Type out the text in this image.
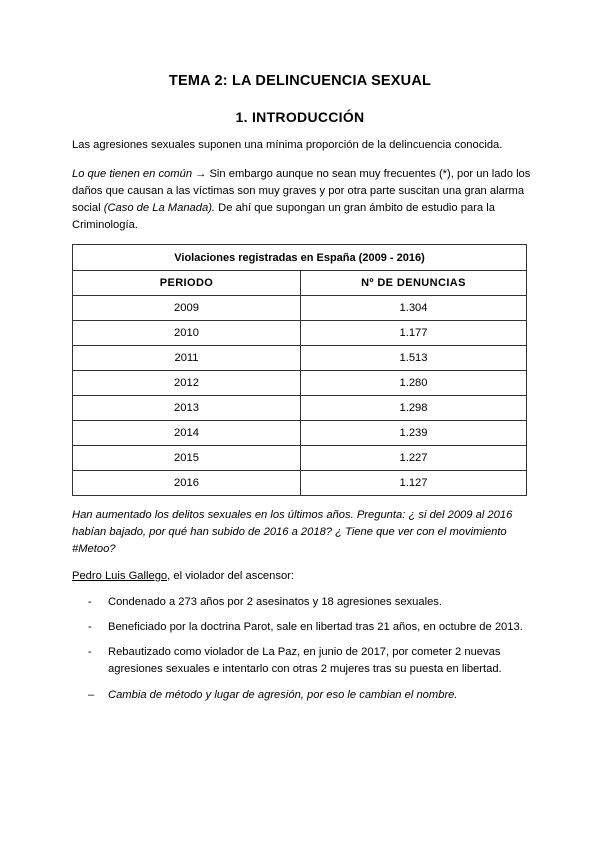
TEMA 2: LA DELINCUENCIA SEXUAL
1. INTRODUCCIÓN
Las agresiones sexuales suponen una mínima proporción de la delincuencia conocida.
Lo que tienen en común → Sin embargo aunque no sean muy frecuentes (*), por un lado los daños que causan a las víctimas son muy graves y por otra parte suscitan una gran alarma social (Caso de La Manada). De ahí que supongan un gran ámbito de estudio para la Criminología.
Violaciones registradas en España (2009 - 2016)	
PERIODO	Nº DE DENUNCIAS
2009	1.304
2010	1.177
2011	1.513
2012	1.280
2013	1.298
2014	1.239
2015	1.227
2016	1.127
Han aumentado los delitos sexuales en los últimos años. Pregunta: ¿ si del 2009 al 2016 habían bajado, por qué han subido de 2016 a 2018? ¿ Tiene que ver con el movimiento #Metoo?
Pedro Luis Gallego, el violador del ascensor:
- Condenado a 273 años por 2 asesinatos y 18 agresiones sexuales.
- Beneficiado por la doctrina Parot, sale en libertad tras 21 años, en octubre de 2013.
- Rebautizado como violador de La Paz, en junio de 2017, por cometer 2 nuevas agresiones sexuales e intentarlo con otras 2 mujeres tras su puesta en libertad.
– Cambia de método y lugar de agresión, por eso le cambian el nombre.
